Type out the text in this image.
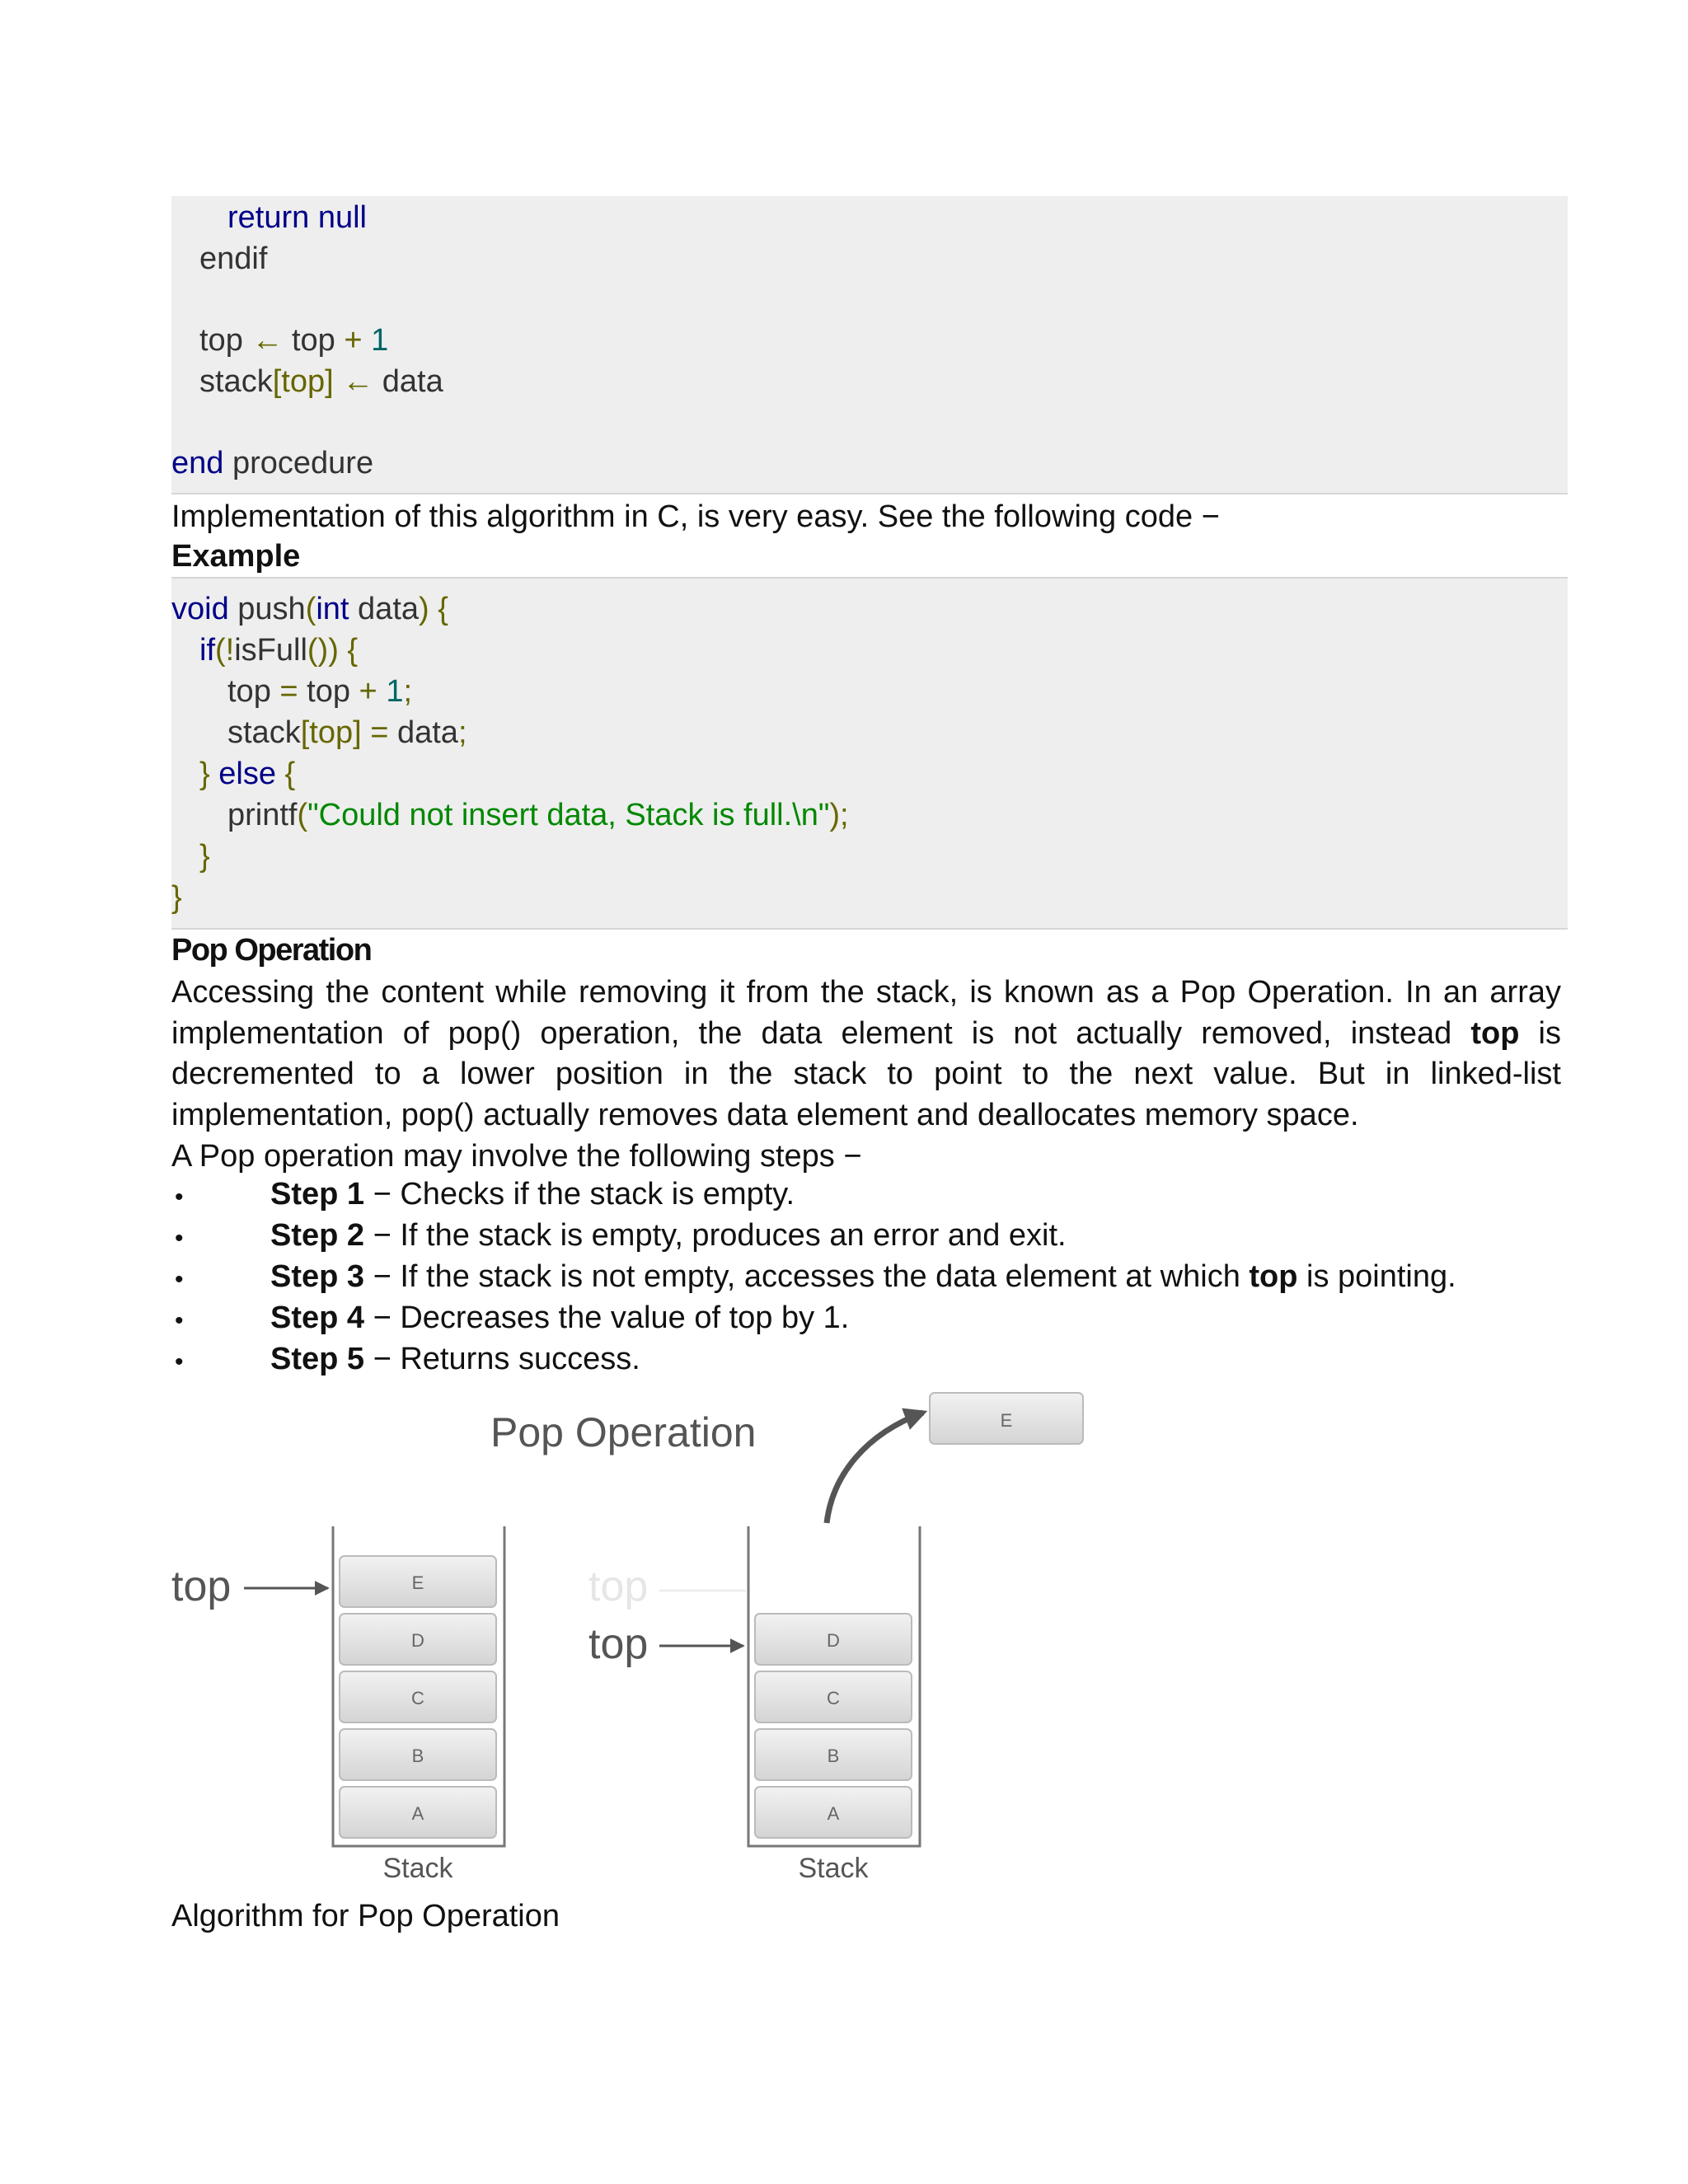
return null
endif
top ← top + 1
stack[top] ← data
end procedure
Implementation of this algorithm in C, is very easy. See the following code −
Example
void push(int data) {
if(!isFull()) {
top = top + 1;
stack[top] = data;
} else {
printf("Could not insert data, Stack is full.\n");
}
}
Pop Operation
Accessing the content while removing it from the stack, is known as a Pop Operation. In an array implementation of pop() operation, the data element is not actually removed, instead top is decremented to a lower position in the stack to point to the next value. But in linked-list implementation, pop() actually removes data element and deallocates memory space.
A Pop operation may involve the following steps −
•	Step 1 − Checks if the stack is empty.
•	Step 2 − If the stack is empty, produces an error and exit.
•	Step 3 − If the stack is not empty, accesses the data element at which top is pointing.
•	Step 4 − Decreases the value of top by 1.
•	Step 5 − Returns success.
Pop Operation	E
top	E
D
C
B
A
Stack
top
top	D
C
B
A
Stack
Algorithm for Pop Operation
